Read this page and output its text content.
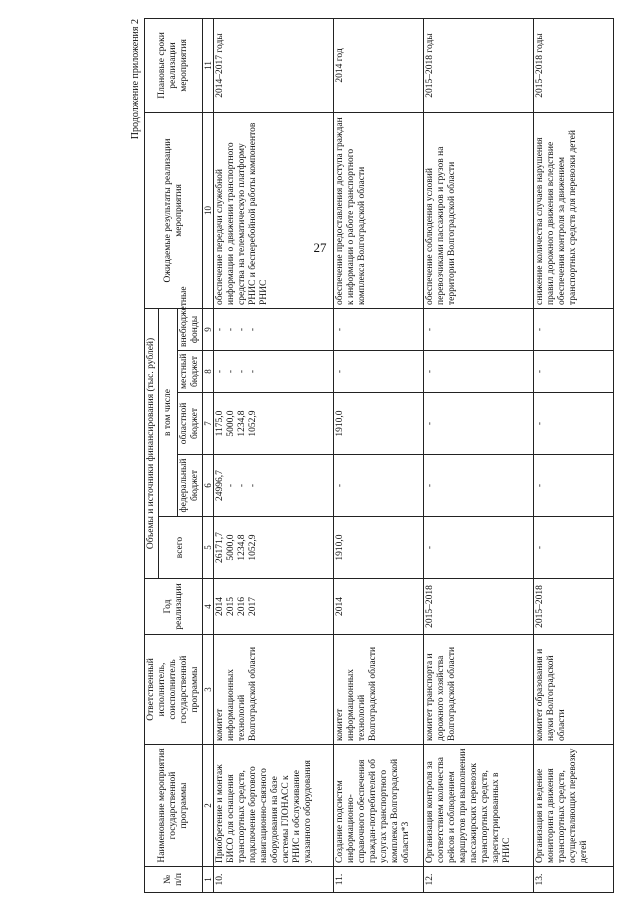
27
Продолжение приложения 2
№ п/п	Наименование мероприятия государственной программы	Ответственный исполнитель, соисполнитель государственной программы	Год реализации	Объемы и источники финансирования (тыс. рублей)					Ожидаемые результаты реализации мероприятия	Плановые сроки реализации мероприятия
				всего	в том числе					
					федеральный бюджет	областной бюджет	местный бюджет	внебюджетные фонды		
1	2	3	4	5	6	7	8	9	10	11
10.	Приобретение и монтаж БИСО для оснащения транспортных средств, подключение бортового навигационно-связного оборудования на базе системы ГЛОНАСС к РНИС и обслуживание указанного оборудования	комитет информационных технологий Волгоградской области	2014 2015 2016 2017	26171,7 5000,0 1234,8 1052,9	24996,7 - - -	1175,0 5000,0 1234,8 1052,9	- - - -	- - - -	обеспечение передачи служебной информации о движении транспортного средства на телематическую платформу РНИС и бесперебойной работы компонентов РНИС	2014–2017 годы
11.	Создание подсистем информационно-справочного обеспечения граждан-потребителей об услугах транспортного комплекса Волгоградской области*3	комитет информационных технологий Волгоградской области	2014	1910,0	-	1910,0	-	-	обеспечение предоставления доступа граждан к информации о работе транспортного комплекса Волгоградской области	2014 год
12.	Организация контроля за соответствием количества рейсов и соблюдением маршрутов при выполнении пассажирских перевозок транспортных средств, зарегистрированных в РНИС	комитет транспорта и дорожного хозяйства Волгоградской области	2015–2018	-	-	-	-	-	обеспечение соблюдения условий перевозчиками пассажиров и грузов на территории Волгоградской области	2015–2018 годы
13.	Организация и ведение мониторинга движения транспортных средств, осуществляющих перевозку детей	комитет образования и науки Волгоградской области	2015–2018	-	-	-	-	-	снижение количества случаев нарушения правил дорожного движения вследствие обеспечения контроля за движением транспортных средств для перевозки детей	2015–2018 годы
